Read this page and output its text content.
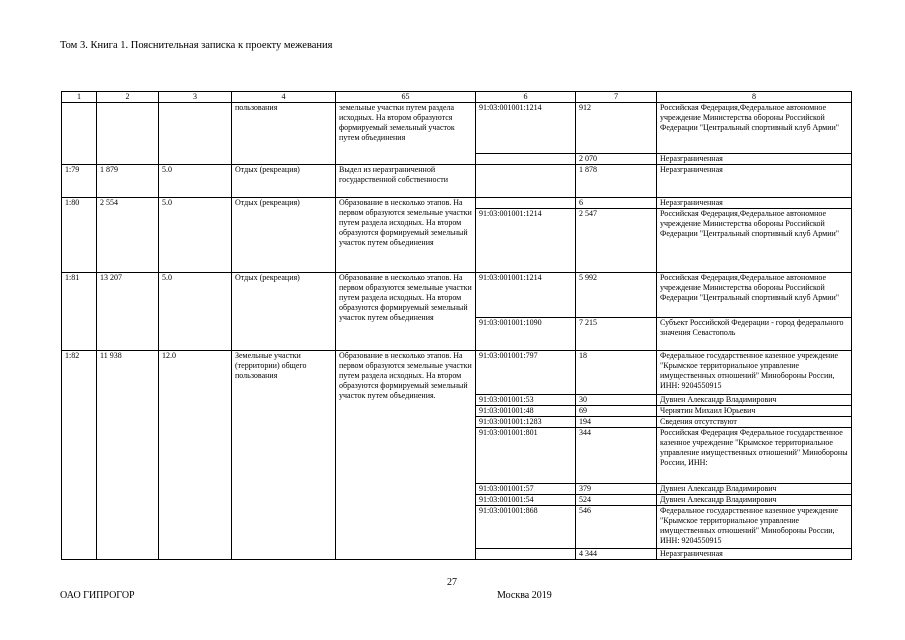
Том 3. Книга 1. Пояснительная записка к проекту межевания
1	2	3	4	65	6	7	8
			пользования	земельные участки путем раздела исходных. На втором образуются формируемый земельный участок путем объединения	91:03:001001:1214	912	Российская Федерация,Федеральное автономное учреждение Министерства обороны Российской Федерации "Центральный спортивный клуб Армии"
						2 070	Неразграниченная
1:79	1 879	5.0	Отдых (рекреация)	Выдел из неразграниченной государственной собственности		1 878	Неразграниченная
1:80	2 554	5.0	Отдых (рекреация)	Образование в несколько этапов. На первом образуются земельные участки путем раздела исходных. На втором образуются формируемый земельный участок путем объединения		6	Неразграниченная
					91:03:001001:1214	2 547	Российская Федерация,Федеральное автономное учреждение Министерства обороны Российской Федерации "Центральный спортивный клуб Армии"
1:81	13 207	5.0	Отдых (рекреация)	Образование в несколько этапов. На первом образуются земельные участки путем раздела исходных. На втором образуются формируемый земельный участок путем объединения	91:03:001001:1214	5 992	Российская Федерация,Федеральное автономное учреждение Министерства обороны Российской Федерации "Центральный спортивный клуб Армии"
					91:03:001001:1090	7 215	Субъект Российской Федерации - город федерального значения Севастополь
1:82	11 938	12.0	Земельные участки (территории) общего пользования	Образование в несколько этапов. На первом образуются земельные участки путем раздела исходных. На втором образуются формируемый земельный участок путем объединения.	91:03:001001:797	18	Федеральное государственное казенное учреждение "Крымское территориальное управление имущественных отношений" Минобороны России, ИНН: 9204550915
					91:03:001001:53	30	Дувнен Александр Владимирович
					91:03:001001:48	69	Чернятин Михаил Юрьевич
					91:03:001001:1283	194	Сведения отсутствуют
					91:03:001001:801	344	Российская Федерация Федеральное государственное казенное учреждение "Крымское территориальное управление имущественных отношений" Минобороны России, ИНН:
					91:03:001001:57	379	Дувнен Александр Владимирович
					91:03:001001:54	524	Дувнен Александр Владимирович
					91:03:001001:868	546	Федеральное государственное казенное учреждение "Крымское территориальное управление имущественных отношений" Минобороны России, ИНН: 9204550915
						4 344	Неразграниченная
27
ОАО ГИПРОГОР	Москва 2019
